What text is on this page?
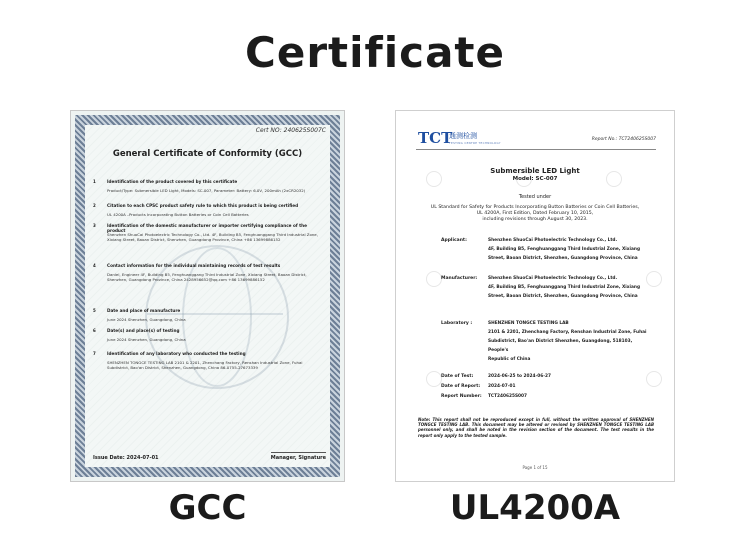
Certificate
Cert NO: 240625S007C
General Certificate of Conformity (GCC)
1	Identification of the product covered by this certificate
Product/Type: Submersible LED Light, Models: SC-007, Parameter: Battery: 6.0V, 200mAh (2xCR2032)
2	Citation to each CPSC product safety rule to which this product is being certified
UL 4200A –Products Incorporating Button Batteries or Coin Cell Batteries
3	Identification of the domestic manufacturer or importer certifying compliance of the product
Shenzhen ShuoCai Photoelectric Technology Co., Ltd. 4F, Building B5, Fenghuanggang Third Industrial Zone, Xixiang Street, Baoan District, Shenzhen, Guangdong Province, China +86 13699886152
4	Contact information for the individual maintaining records of test results
Daniel, Engineer 4F, Building B5, Fenghuanggang Third Industrial Zone, Xixiang Street, Baoan District, Shenzhen, Guangdong Province, China 2428956652@qq.com +86 13699886152
5	Date and place of manufacture
June 2024 Shenzhen, Guangdong, China
6	Date(s) and place(s) of testing
June 2024 Shenzhen, Guangdong, China
7	Identification of any laboratory who conducted the testing
SHENZHEN TONGCE TESTING LAB 2101 & 2201, Zhenchang Factory, Renshan Industrial Zone, Fuhai Subdistrict, Bao'an District, Shenzhen, Guangdong, China 86-0755-27673339
Issue Date: 2024-07-01	Manager, Signature
TCT
通测检测
TESTING CENTRE TECHNOLOGY
Report No.: TCT240625S007
Submersible LED Light
Model: SC-007
Tested under
UL Standard for Safety for Products Incorporating Button Batteries or Coin Cell Batteries,
UL 4200A, First Edition, Dated February 10, 2015,
including revisions through August 30, 2023.
Applicant:	Shenzhen ShuoCai Photoelectric Technology Co., Ltd.
4F, Building B5, Fenghuanggang Third Industrial Zone, Xixiang
Street, Baoan District, Shenzhen, Guangdong Province, China
Manufacturer:	Shenzhen ShuoCai Photoelectric Technology Co., Ltd.
4F, Building B5, Fenghuanggang Third Industrial Zone, Xixiang
Street, Baoan District, Shenzhen, Guangdong Province, China
Laboratory :	SHENZHEN TONGCE TESTING LAB
2101 & 2201, Zhenchang Factory, Renshan Industrial Zone, Fuhai
Subdistrict, Bao'an District Shenzhen, Guangdong, 518103, People's
Republic of China
Date of Test:	2024-06-25 to 2024-06-27
Date of Report: 2024-07-01
Report Number: TCT240625S007
Note: This report shall not be reproduced except in full, without the written approval of SHENZHEN TONGCE TESTING LAB. This document may be altered or revised by SHENZHEN TONGCE TESTING LAB personnel only, and shall be noted in the revision section of the document. The test results in the report only apply to the tested sample.
Page 1 of 15
GCC	UL4200A
